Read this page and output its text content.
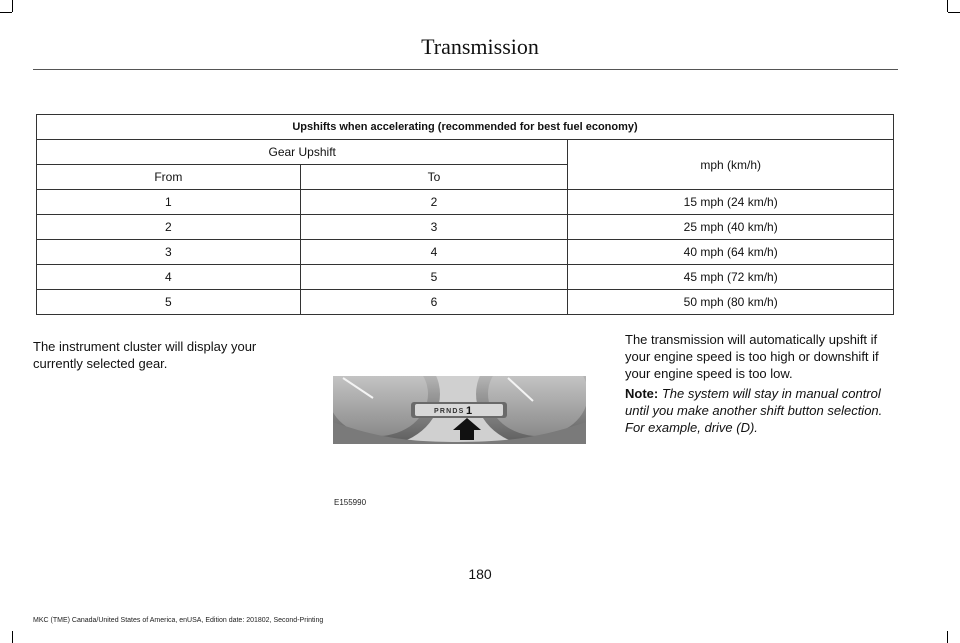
Transmission
Upshifts when accelerating (recommended for best fuel economy)		
Gear Upshift		mph (km/h)
From	To	
1	2	15 mph (24 km/h)
2	3	25 mph (40 km/h)
3	4	40 mph (64 km/h)
4	5	45 mph (72 km/h)
5	6	50 mph (80 km/h)

The instrument cluster will display your currently selected gear.

PRNDS 1
E155990

The transmission will automatically upshift if your engine speed is too high or downshift if your engine speed is too low.

Note: The system will stay in manual control until you make another shift button selection. For example, drive (D).

180
MKC (TME) Canada/United States of America, enUSA, Edition date: 201802, Second-Printing
